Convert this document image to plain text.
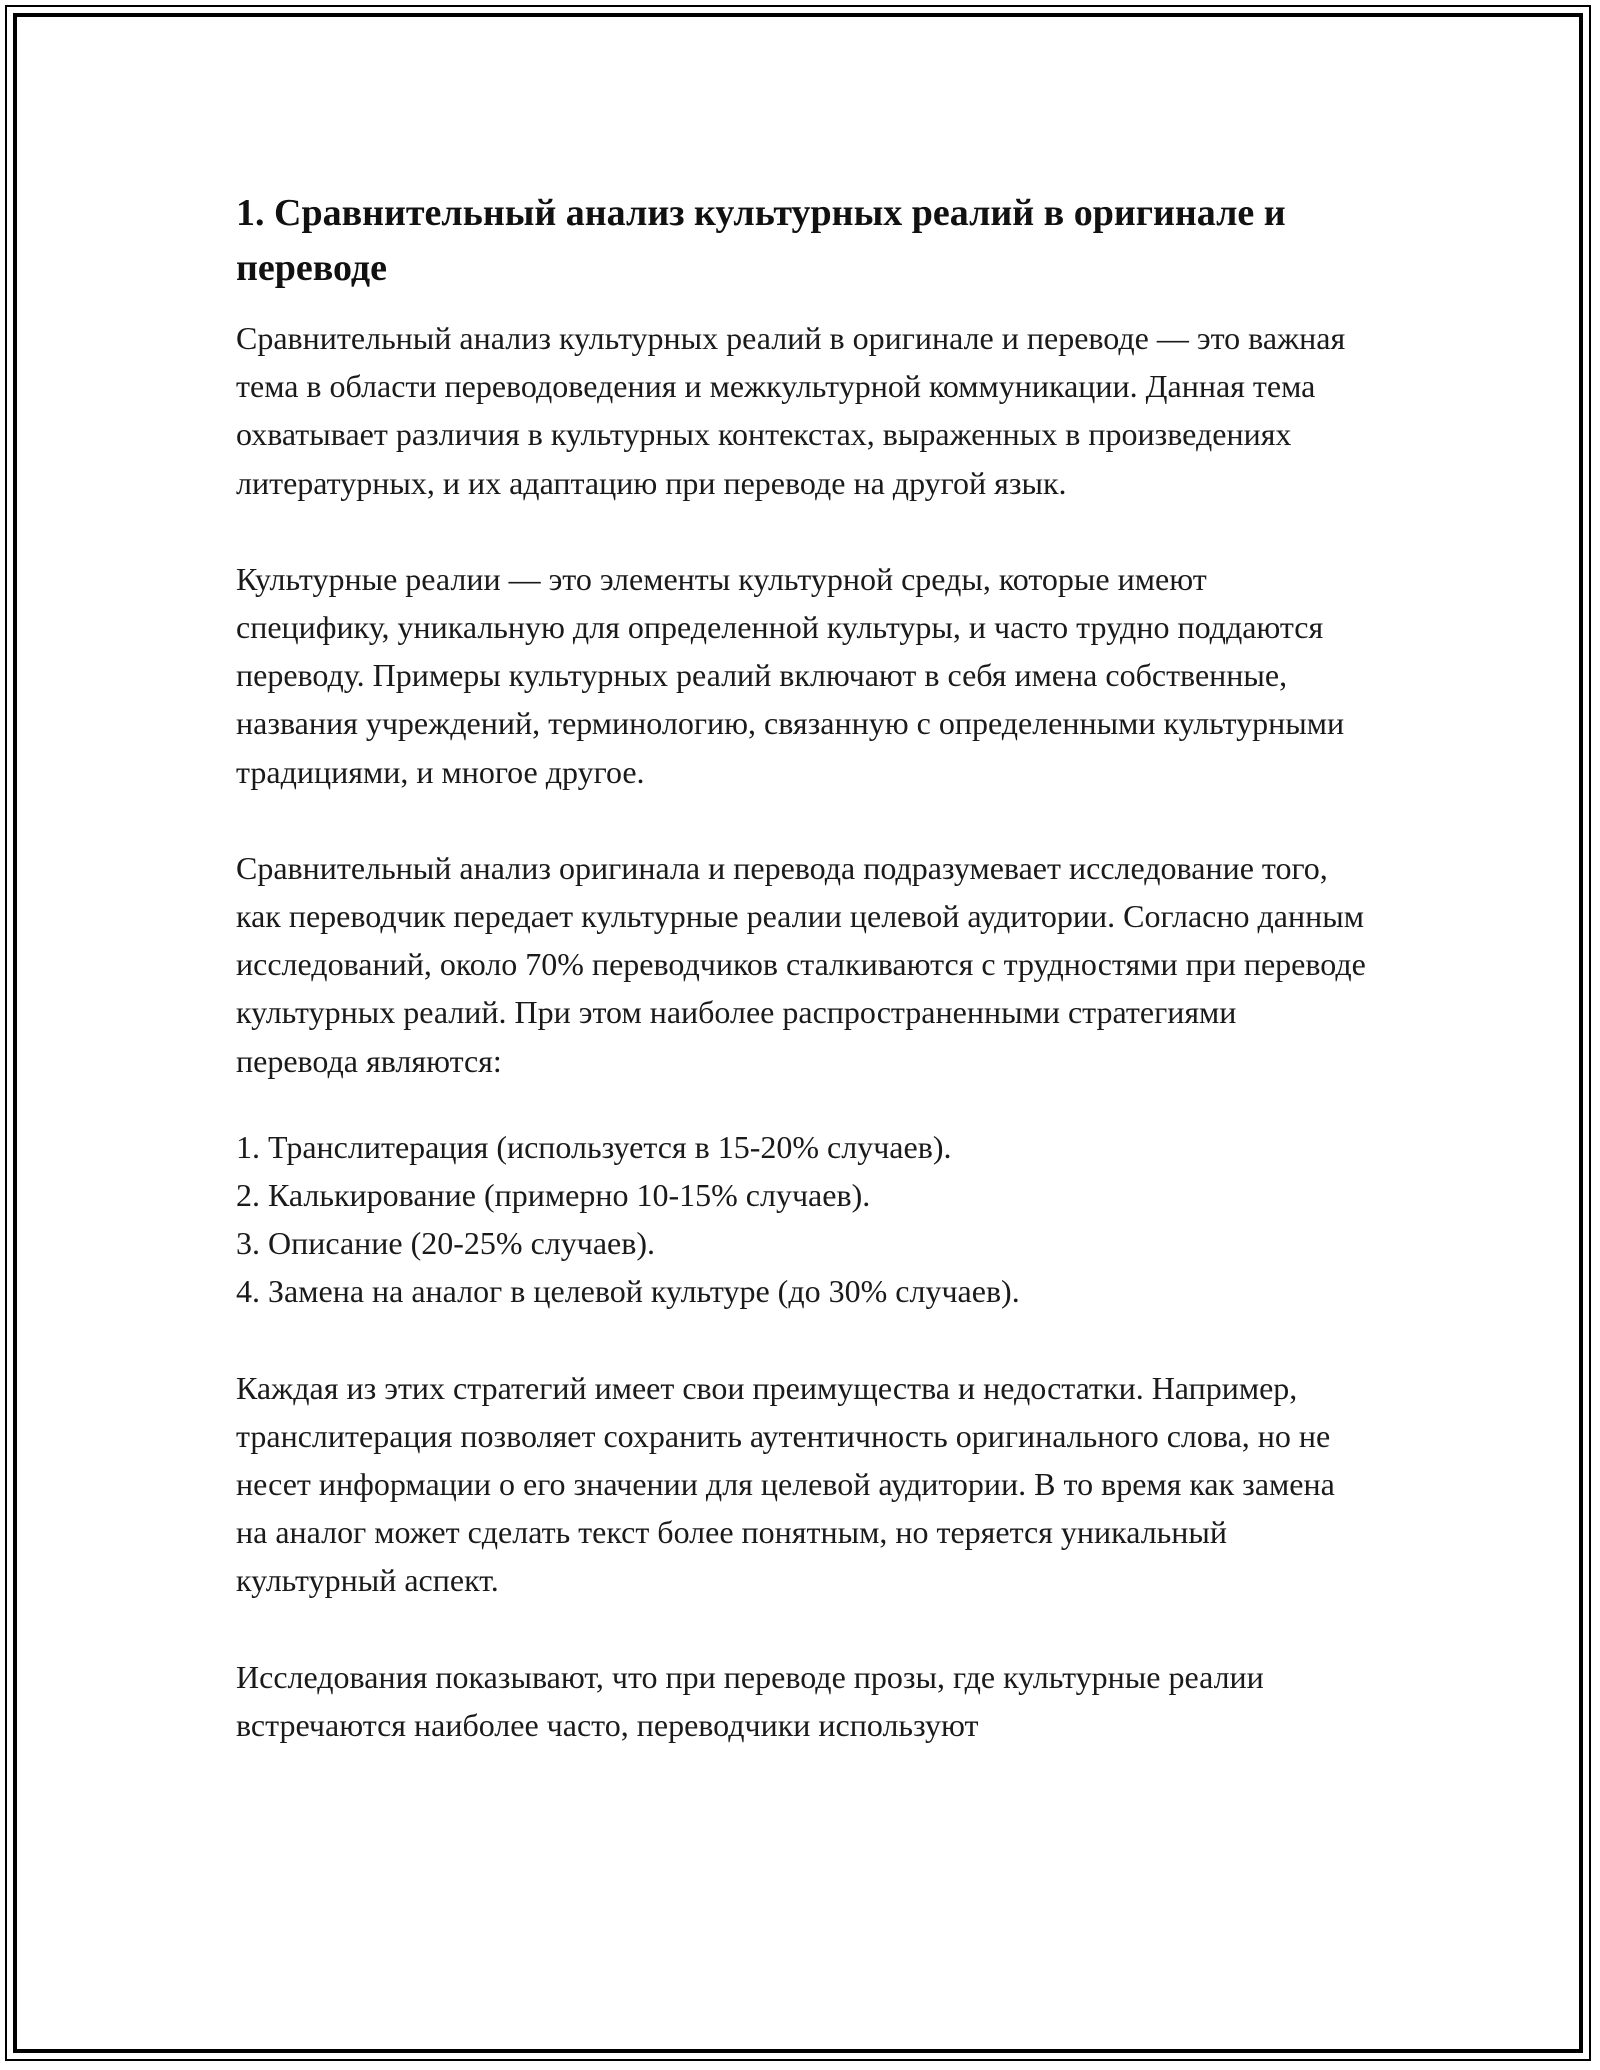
1. Сравнительный анализ культурных реалий в оригинале и переводе

Сравнительный анализ культурных реалий в оригинале и переводе — это важная тема в области переводоведения и межкультурной коммуникации. Данная тема охватывает различия в культурных контекстах, выраженных в произведениях литературных, и их адаптацию при переводе на другой язык.

Культурные реалии — это элементы культурной среды, которые имеют специфику, уникальную для определенной культуры, и часто трудно поддаются переводу. Примеры культурных реалий включают в себя имена собственные, названия учреждений, терминологию, связанную с определенными культурными традициями, и многое другое.

Сравнительный анализ оригинала и перевода подразумевает исследование того, как переводчик передает культурные реалии целевой аудитории. Согласно данным исследований, около 70% переводчиков сталкиваются с трудностями при переводе культурных реалий. При этом наиболее распространенными стратегиями перевода являются:

1. Транслитерация (используется в 15-20% случаев).
2. Калькирование (примерно 10-15% случаев).
3. Описание (20-25% случаев).
4. Замена на аналог в целевой культуре (до 30% случаев).

Каждая из этих стратегий имеет свои преимущества и недостатки. Например, транслитерация позволяет сохранить аутентичность оригинального слова, но не несет информации о его значении для целевой аудитории. В то время как замена на аналог может сделать текст более понятным, но теряется уникальный культурный аспект.

Исследования показывают, что при переводе прозы, где культурные реалии встречаются наиболее часто, переводчики используют
